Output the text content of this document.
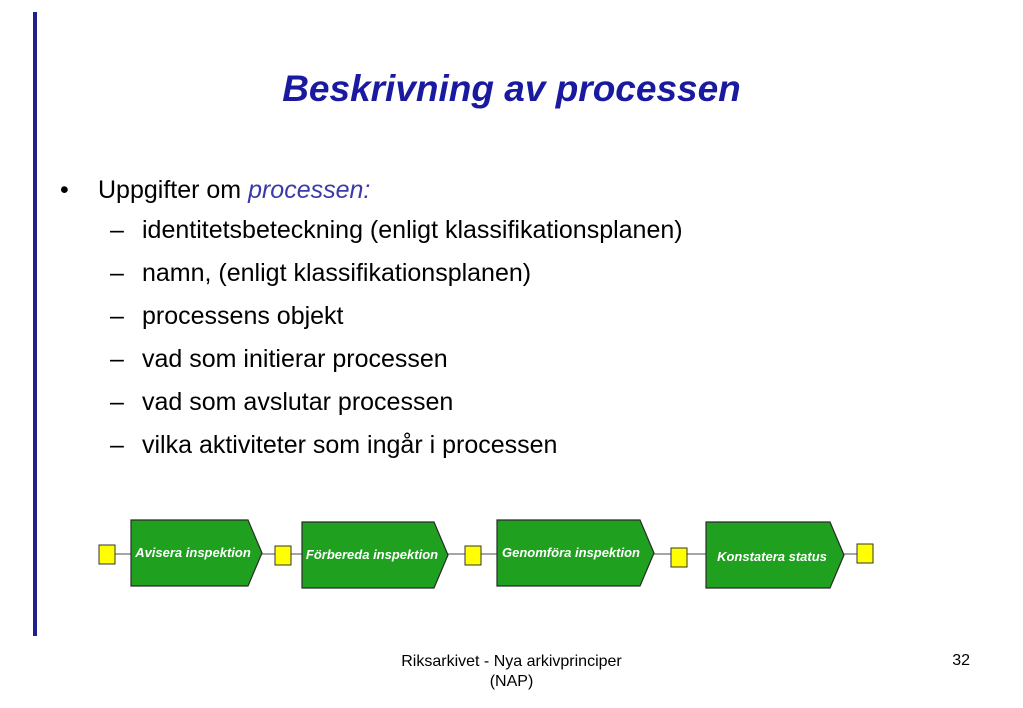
Beskrivning av processen
• Uppgifter om processen:
– identitetsbeteckning (enligt klassifikationsplanen)
– namn, (enligt klassifikationsplanen)
– processens objekt
– vad som initierar processen
– vad som avslutar processen
– vilka aktiviteter som ingår i processen
Avisera inspektion	Förbereda inspektion	Genomföra inspektion	Konstatera status
Riksarkivet - Nya arkivprinciper
(NAP)
32
